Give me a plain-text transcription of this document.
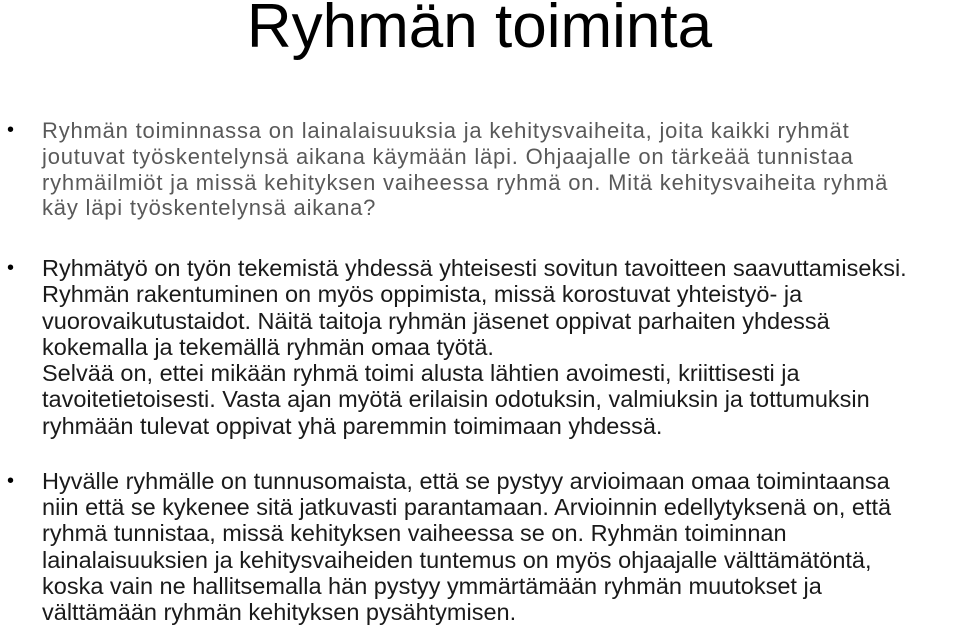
Ryhmän toiminta
• Ryhmän toiminnassa on lainalaisuuksia ja kehitysvaiheita, joita kaikki ryhmät
joutuvat työskentelynsä aikana käymään läpi. Ohjaajalle on tärkeää tunnistaa
ryhmäilmiöt ja missä kehityksen vaiheessa ryhmä on. Mitä kehitysvaiheita ryhmä
käy läpi työskentelynsä aikana?
• Ryhmätyö on työn tekemistä yhdessä yhteisesti sovitun tavoitteen saavuttamiseksi.
Ryhmän rakentuminen on myös oppimista, missä korostuvat yhteistyö- ja
vuorovaikutustaidot. Näitä taitoja ryhmän jäsenet oppivat parhaiten yhdessä
kokemalla ja tekemällä ryhmän omaa työtä.
Selvää on, ettei mikään ryhmä toimi alusta lähtien avoimesti, kriittisesti ja
tavoitetietoisesti. Vasta ajan myötä erilaisin odotuksin, valmiuksin ja tottumuksin
ryhmään tulevat oppivat yhä paremmin toimimaan yhdessä.
• Hyvälle ryhmälle on tunnusomaista, että se pystyy arvioimaan omaa toimintaansa
niin että se kykenee sitä jatkuvasti parantamaan. Arvioinnin edellytyksenä on, että
ryhmä tunnistaa, missä kehityksen vaiheessa se on. Ryhmän toiminnan
lainalaisuuksien ja kehitysvaiheiden tuntemus on myös ohjaajalle välttämätöntä,
koska vain ne hallitsemalla hän pystyy ymmärtämään ryhmän muutokset ja
välttämään ryhmän kehityksen pysähtymisen.
